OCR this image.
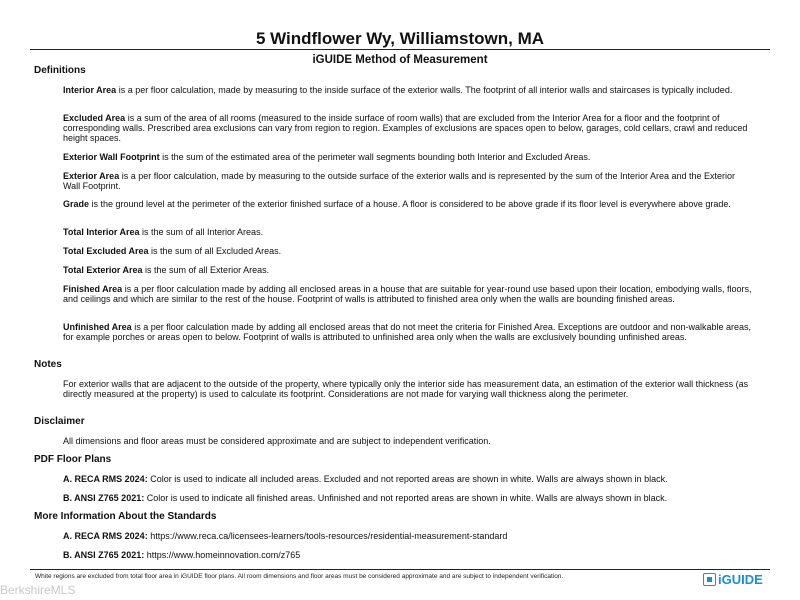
5 Windflower Wy, Williamstown, MA
iGUIDE Method of Measurement
Definitions
Interior Area is a per floor calculation, made by measuring to the inside surface of the exterior walls. The footprint of all interior walls and staircases is typically included.
Excluded Area is a sum of the area of all rooms (measured to the inside surface of room walls) that are excluded from the Interior Area for a floor and the footprint of corresponding walls. Prescribed area exclusions can vary from region to region. Examples of exclusions are spaces open to below, garages, cold cellars, crawl and reduced height spaces.
Exterior Wall Footprint is the sum of the estimated area of the perimeter wall segments bounding both Interior and Excluded Areas.
Exterior Area is a per floor calculation, made by measuring to the outside surface of the exterior walls and is represented by the sum of the Interior Area and the Exterior Wall Footprint.
Grade is the ground level at the perimeter of the exterior finished surface of a house. A floor is considered to be above grade if its floor level is everywhere above grade.
Total Interior Area is the sum of all Interior Areas.
Total Excluded Area is the sum of all Excluded Areas.
Total Exterior Area is the sum of all Exterior Areas.
Finished Area is a per floor calculation made by adding all enclosed areas in a house that are suitable for year-round use based upon their location, embodying walls, floors, and ceilings and which are similar to the rest of the house. Footprint of walls is attributed to finished area only when the walls are bounding finished areas.
Unfinished Area is a per floor calculation made by adding all enclosed areas that do not meet the criteria for Finished Area. Exceptions are outdoor and non-walkable areas, for example porches or areas open to below. Footprint of walls is attributed to unfinished area only when the walls are exclusively bounding unfinished areas.
Notes
For exterior walls that are adjacent to the outside of the property, where typically only the interior side has measurement data, an estimation of the exterior wall thickness (as directly measured at the property) is used to calculate its footprint. Considerations are not made for varying wall thickness along the perimeter.
Disclaimer
All dimensions and floor areas must be considered approximate and are subject to independent verification.
PDF Floor Plans
A. RECA RMS 2024: Color is used to indicate all included areas. Excluded and not reported areas are shown in white. Walls are always shown in black.
B. ANSI Z765 2021: Color is used to indicate all finished areas. Unfinished and not reported areas are shown in white. Walls are always shown in black.
More Information About the Standards
A. RECA RMS 2024: https://www.reca.ca/licensees-learners/tools-resources/residential-measurement-standard
B. ANSI Z765 2021: https://www.homeinnovation.com/z765
White regions are excluded from total floor area in iGUIDE floor plans. All room dimensions and floor areas must be considered approximate and are subject to independent verification.	iGUIDE
BerkshireMLS
